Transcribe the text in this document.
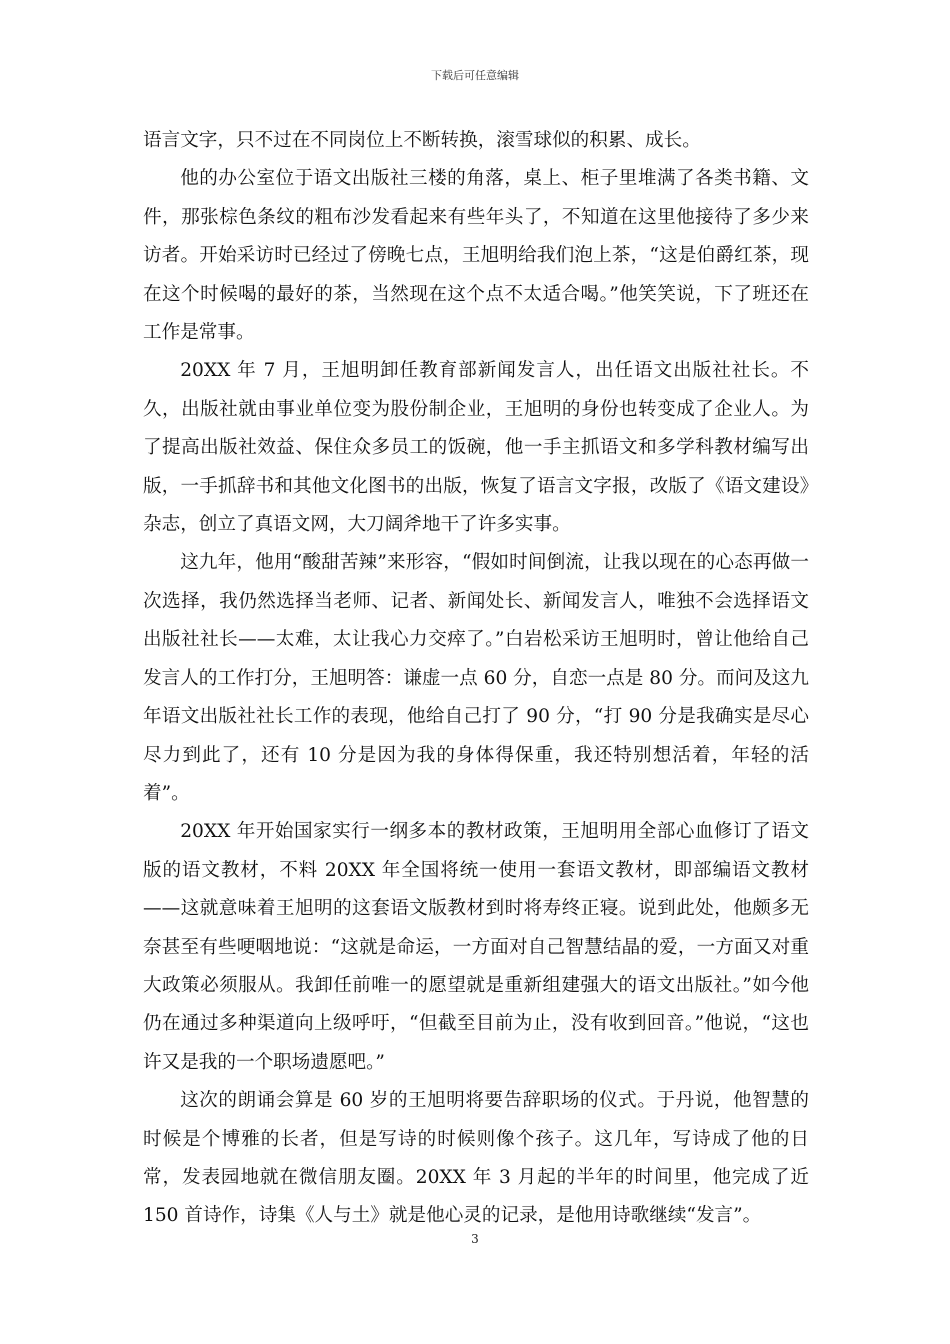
下载后可任意编辑

语言文字，只不过在不同岗位上不断转换，滚雪球似的积累、成长。

他的办公室位于语文出版社三楼的角落，桌上、柜子里堆满了各类书籍、文件，那张棕色条纹的粗布沙发看起来有些年头了，不知道在这里他接待了多少来访者。开始采访时已经过了傍晚七点，王旭明给我们泡上茶，“这是伯爵红茶，现在这个时候喝的最好的茶，当然现在这个点不太适合喝。”他笑笑说，下了班还在工作是常事。

20XX 年 7 月，王旭明卸任教育部新闻发言人，出任语文出版社社长。不久，出版社就由事业单位变为股份制企业，王旭明的身份也转变成了企业人。为了提高出版社效益、保住众多员工的饭碗，他一手主抓语文和多学科教材编写出版，一手抓辞书和其他文化图书的出版，恢复了语言文字报，改版了《语文建设》杂志，创立了真语文网，大刀阔斧地干了许多实事。

这九年，他用“酸甜苦辣”来形容，“假如时间倒流，让我以现在的心态再做一次选择，我仍然选择当老师、记者、新闻处长、新闻发言人，唯独不会选择语文出版社社长——太难，太让我心力交瘁了。”白岩松采访王旭明时，曾让他给自己发言人的工作打分，王旭明答：谦虚一点 60 分，自恋一点是 80 分。而问及这九年语文出版社社长工作的表现，他给自己打了 90 分，“打 90 分是我确实是尽心尽力到此了，还有 10 分是因为我的身体得保重，我还特别想活着，年轻的活着”。

20XX 年开始国家实行一纲多本的教材政策，王旭明用全部心血修订了语文版的语文教材，不料 20XX 年全国将统一使用一套语文教材，即部编语文教材——这就意味着王旭明的这套语文版教材到时将寿终正寝。说到此处，他颇多无奈甚至有些哽咽地说：“这就是命运，一方面对自己智慧结晶的爱，一方面又对重大政策必须服从。我卸任前唯一的愿望就是重新组建强大的语文出版社。”如今他仍在通过多种渠道向上级呼吁，“但截至目前为止，没有收到回音。”他说，“这也许又是我的一个职场遗愿吧。”

这次的朗诵会算是 60 岁的王旭明将要告辞职场的仪式。于丹说，他智慧的时候是个博雅的长者，但是写诗的时候则像个孩子。这几年，写诗成了他的日常，发表园地就在微信朋友圈。20XX 年 3 月起的半年的时间里，他完成了近 150 首诗作，诗集《人与土》就是他心灵的记录，是他用诗歌继续“发言”。

3
